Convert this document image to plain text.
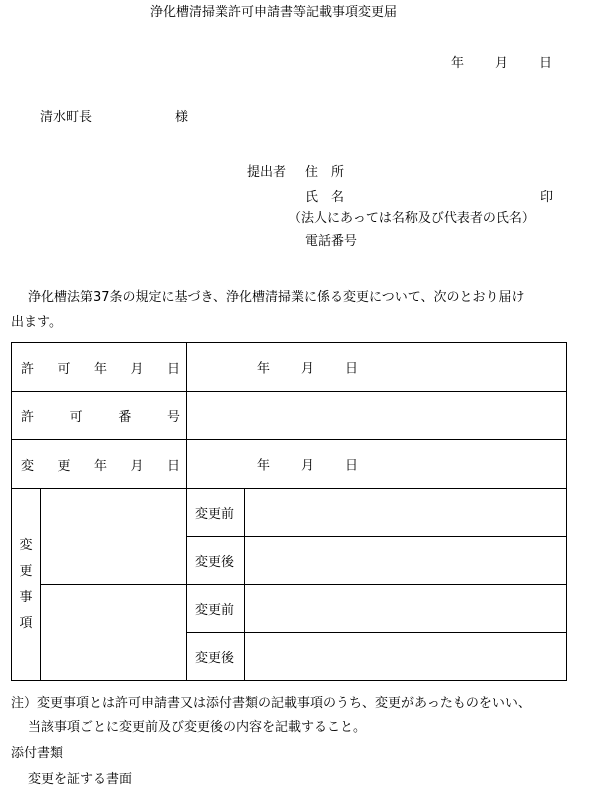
浄化槽清掃業許可申請書等記載事項変更届
年 月 日
清水町長	様
提出者 住　所
氏　名	印
（法人にあっては名称及び代表者の氏名）
電話番号
浄化槽法第37条の規定に基づき、浄化槽清掃業に係る変更について、次のとおり届け
出ます。
許 可 年 月 日		年 月 日	

許 可 番 号			

変 更 年 月 日		年 月 日	

変
更
事
項		変更前	
		変更後	
		変更前	
		変更後	
注）変更事項とは許可申請書又は添付書類の記載事項のうち、変更があったものをいい、
当該事項ごとに変更前及び変更後の内容を記載すること。
添付書類
変更を証する書面
